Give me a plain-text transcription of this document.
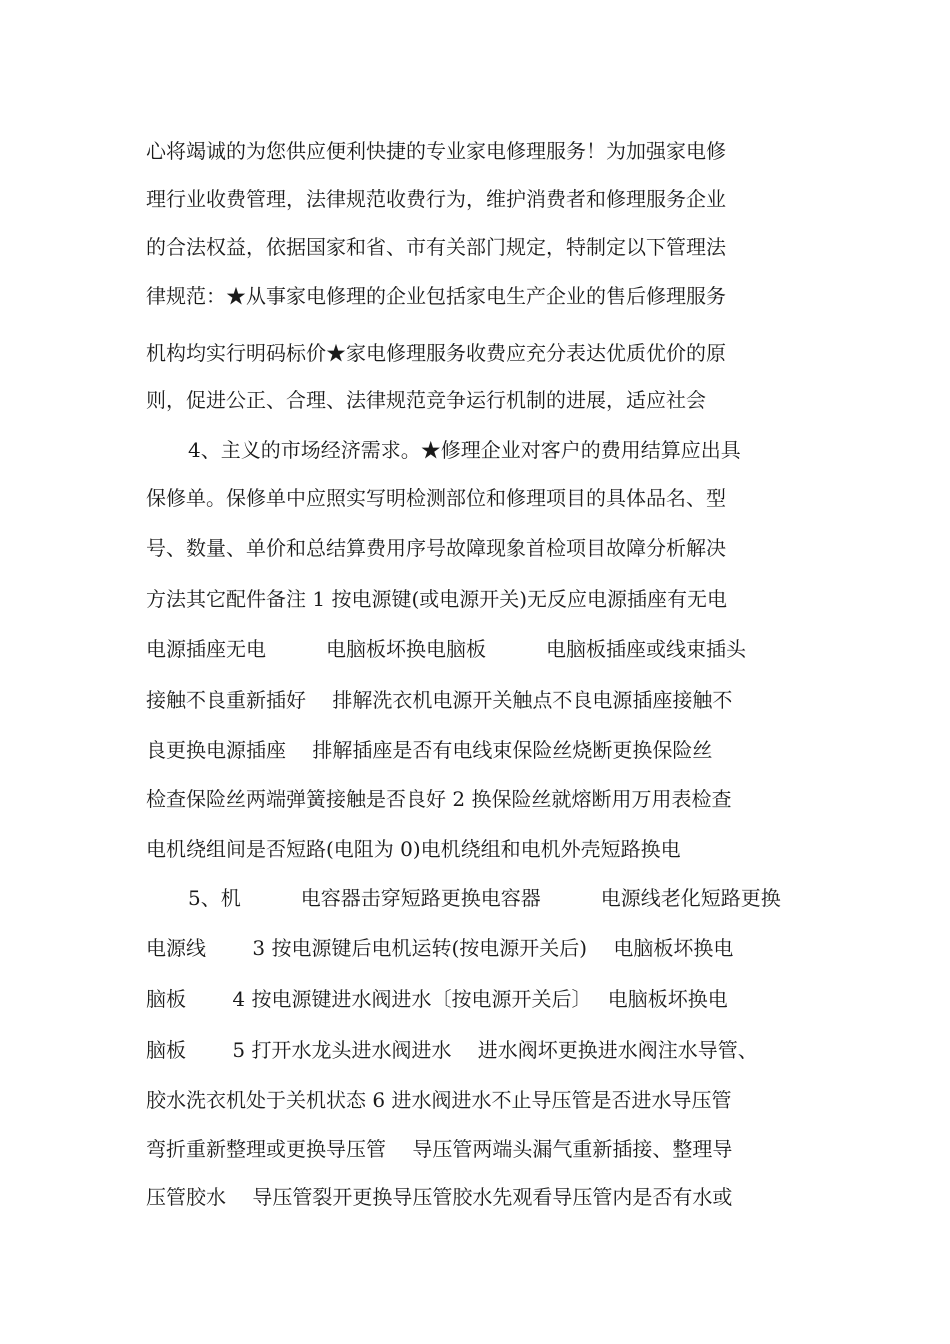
心将竭诚的为您供应便利快捷的专业家电修理服务！为加强家电修
理行业收费管理，法律规范收费行为，维护消费者和修理服务企业
的合法权益，依据国家和省、市有关部门规定，特制定以下管理法
律规范：★从事家电修理的企业包括家电生产企业的售后修理服务
机构均实行明码标价★家电修理服务收费应充分表达优质优价的原
则，促进公正、合理、法律规范竞争运行机制的进展，适应社会
4、主义的市场经济需求。★修理企业对客户的费用结算应出具
保修单。保修单中应照实写明检测部位和修理项目的具体品名、型
号、数量、单价和总结算费用序号故障现象首检项目故障分析解决
方法其它配件备注 1 按电源键(或电源开关)无反应电源插座有无电
电源插座无电　　　电脑板坏换电脑板　　　电脑板插座或线束插头
接触不良重新插好　 排解洗衣机电源开关触点不良电源插座接触不
良更换电源插座　 排解插座是否有电线束保险丝烧断更换保险丝
检查保险丝两端弹簧接触是否良好 2 换保险丝就熔断用万用表检查
电机绕组间是否短路(电阻为 0)电机绕组和电机外壳短路换电
5、机　　　电容器击穿短路更换电容器　　　电源线老化短路更换
电源线　　 3 按电源键后电机运转(按电源开关后)　 电脑板坏换电
脑板　　 4 按电源键进水阀进水〔按电源开关后〕　 电脑板坏换电
脑板　　 5 打开水龙头进水阀进水　 进水阀坏更换进水阀注水导管、
胶水洗衣机处于关机状态 6 进水阀进水不止导压管是否进水导压管
弯折重新整理或更换导压管　 导压管两端头漏气重新插接、整理导
压管胶水　 导压管裂开更换导压管胶水先观看导压管内是否有水或
